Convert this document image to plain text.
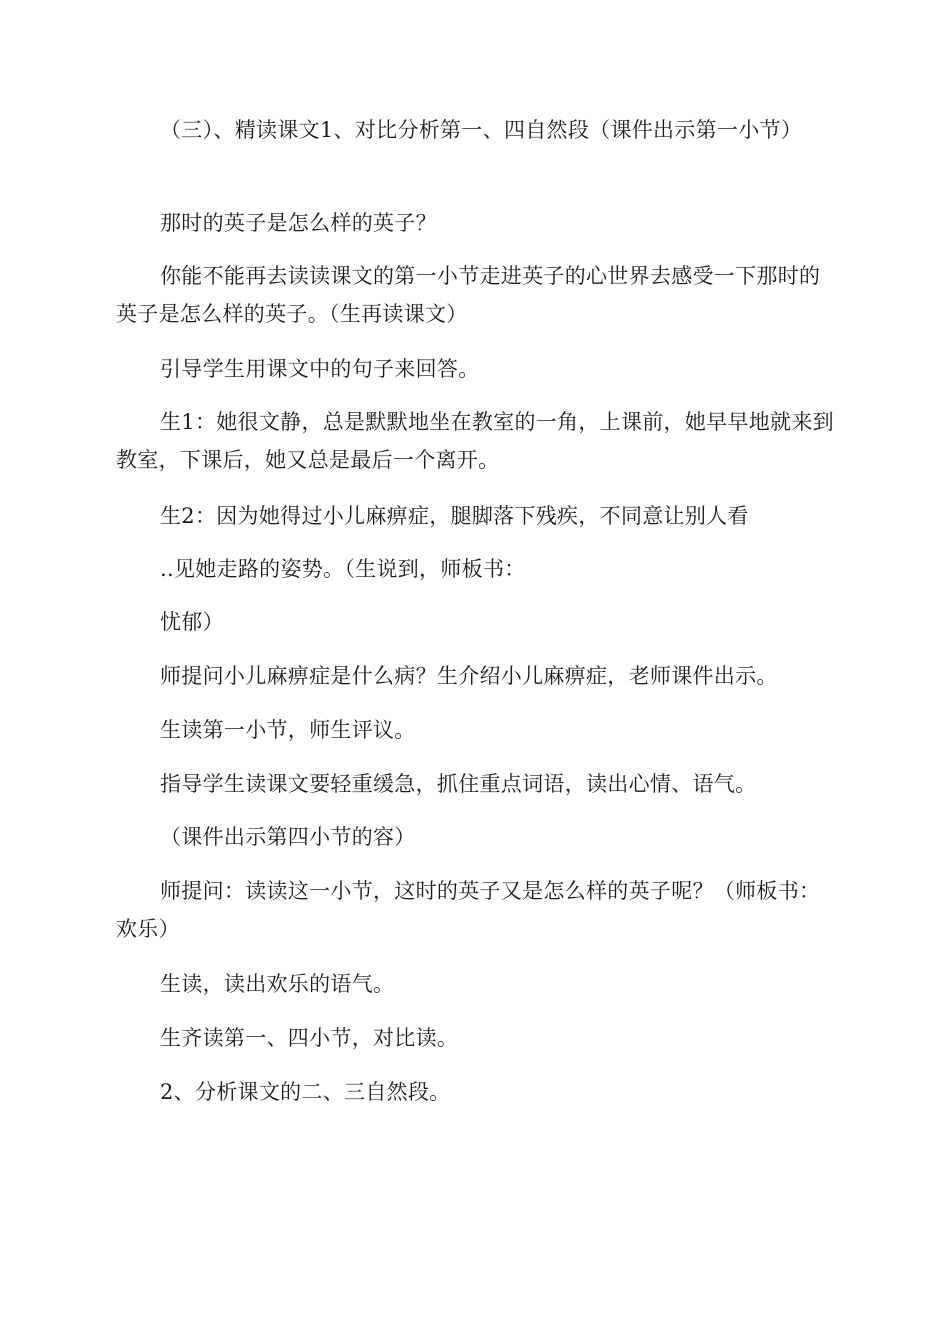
（三）、精读课文1、对比分析第一、四自然段（课件出示第一小节）

那时的英子是怎么样的英子？

你能不能再去读读课文的第一小节走进英子的心世界去感受一下那时的英子是怎么样的英子。（生再读课文）

引导学生用课文中的句子来回答。

生1：她很文静，总是默默地坐在教室的一角，上课前，她早早地就来到教室，下课后，她又总是最后一个离开。

生2：因为她得过小儿麻痹症，腿脚落下残疾，不同意让别人看

..见她走路的姿势。（生说到，师板书：

忧郁）

师提问小儿麻痹症是什么病？生介绍小儿麻痹症，老师课件出示。

生读第一小节，师生评议。

指导学生读课文要轻重缓急，抓住重点词语，读出心情、语气。

（课件出示第四小节的容）

师提问：读读这一小节，这时的英子又是怎么样的英子呢？（师板书：欢乐）

生读，读出欢乐的语气。

生齐读第一、四小节，对比读。

2、分析课文的二、三自然段。
